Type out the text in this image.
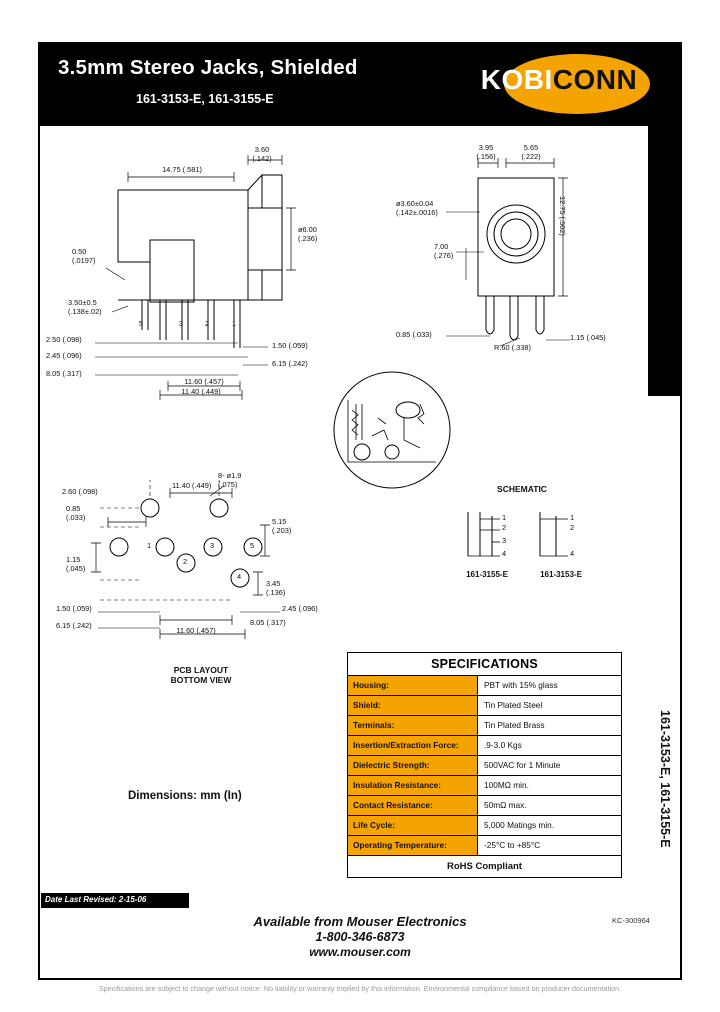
3.5mm Stereo Jacks, Shielded
161-3153-E, 161-3155-E
KOBICONN
3.5mm Steroe Jacks, Shielded
161-3153-E, 161-3155-E
3.60
(.142)
14.75 (.581)
ø6.00
(.236)
0.50
(.0197)
3.50±0.5
(.138±.02)
2.50 (.098)
2.45 (.096)
8.05 (.317)
11.60 (.457)
11.40 (.449)
1.50 (.059)
6.15 (.242)
5	3	2	1
3.95
(.156)
5.65
(.222)
ø3.60±0.04
(.142±.0016)	12.75 (.502)
7.00
(.276)
0.85 (.033)
R.60 (.338)
1.15 (.045)
8- ø1.9
(.075)
2.60 (.098)
11.40 (.449)
0.85
(.033)	5.15
(.203)
1.15
(.045)
3.45
(.136)
1.50 (.059)
6.15 (.242)
11.60 (.457)
2.45 (.096)
8.05 (.317)
1
2
3
4
5
PCB LAYOUT
BOTTOM VIEW
SCHEMATIC
1
2
3
4
1
2
4
161-3155-E	161-3153-E
Dimensions: mm (In)
SPECIFICATIONS
Housing:	PBT with 15% glass
Shield:	Tin Plated Steel
Terminals:	Tin Plated Brass
Insertion/Extraction Force:	.9-3.0 Kgs
Dielectric Strength:	500VAC for 1 Minute
Insulation Resistance:	100MΩ min.
Contact Resistance:	50mΩ max.
Life Cycle:	5,000 Matings min.
Operating Temperature:	-25°C to +85°C
RoHS Compliant
Date Last Revised: 2-15-06
Available from Mouser Electronics
1-800-346-6873
www.mouser.com
KC-300964
Specifications are subject to change without notice. No liability or warranty implied by this information. Environmental compliance based on producer documentation.
